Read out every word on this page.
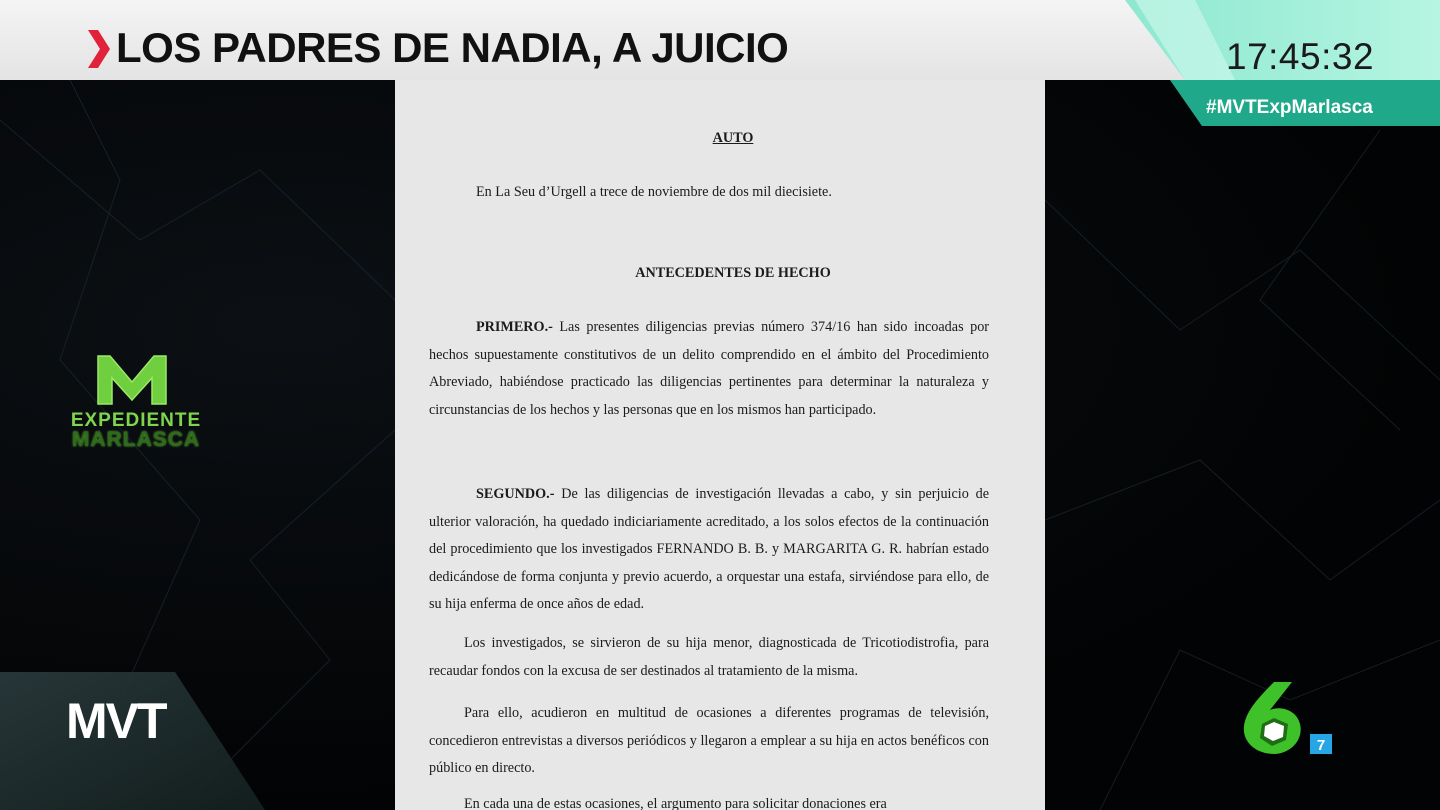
LOS PADRES DE NADIA, A JUICIO	17:45:32
#MVTExpMarlasca
AUTO
En La Seu d’Urgell a trece de noviembre de dos mil diecisiete.
ANTECEDENTES DE HECHO
PRIMERO.- Las presentes diligencias previas número 374/16 han sido incoadas por hechos supuestamente constitutivos de un delito comprendido en el ámbito del Procedimiento Abreviado, habiéndose practicado las diligencias pertinentes para determinar la naturaleza y circunstancias de los hechos y las personas que en los mismos han participado.
SEGUNDO.- De las diligencias de investigación llevadas a cabo, y sin perjuicio de ulterior valoración, ha quedado indiciariamente acreditado, a los solos efectos de la continuación del procedimiento que los investigados FERNANDO B. B. y MARGARITA G. R. habrían estado dedicándose de forma conjunta y previo acuerdo, a orquestar una estafa, sirviéndose para ello, de su hija enferma de once años de edad.
Los investigados, se sirvieron de su hija menor, diagnosticada de Tricotiodistrofia, para recaudar fondos con la excusa de ser destinados al tratamiento de la misma.
Para ello, acudieron en multitud de ocasiones a diferentes programas de televisión, concedieron entrevistas a diversos periódicos y llegaron a emplear a su hija en actos benéficos con público en directo.
En cada una de estas ocasiones, el argumento para solicitar donaciones era
EXPEDIENTE
MARLASCA
MVT	7
